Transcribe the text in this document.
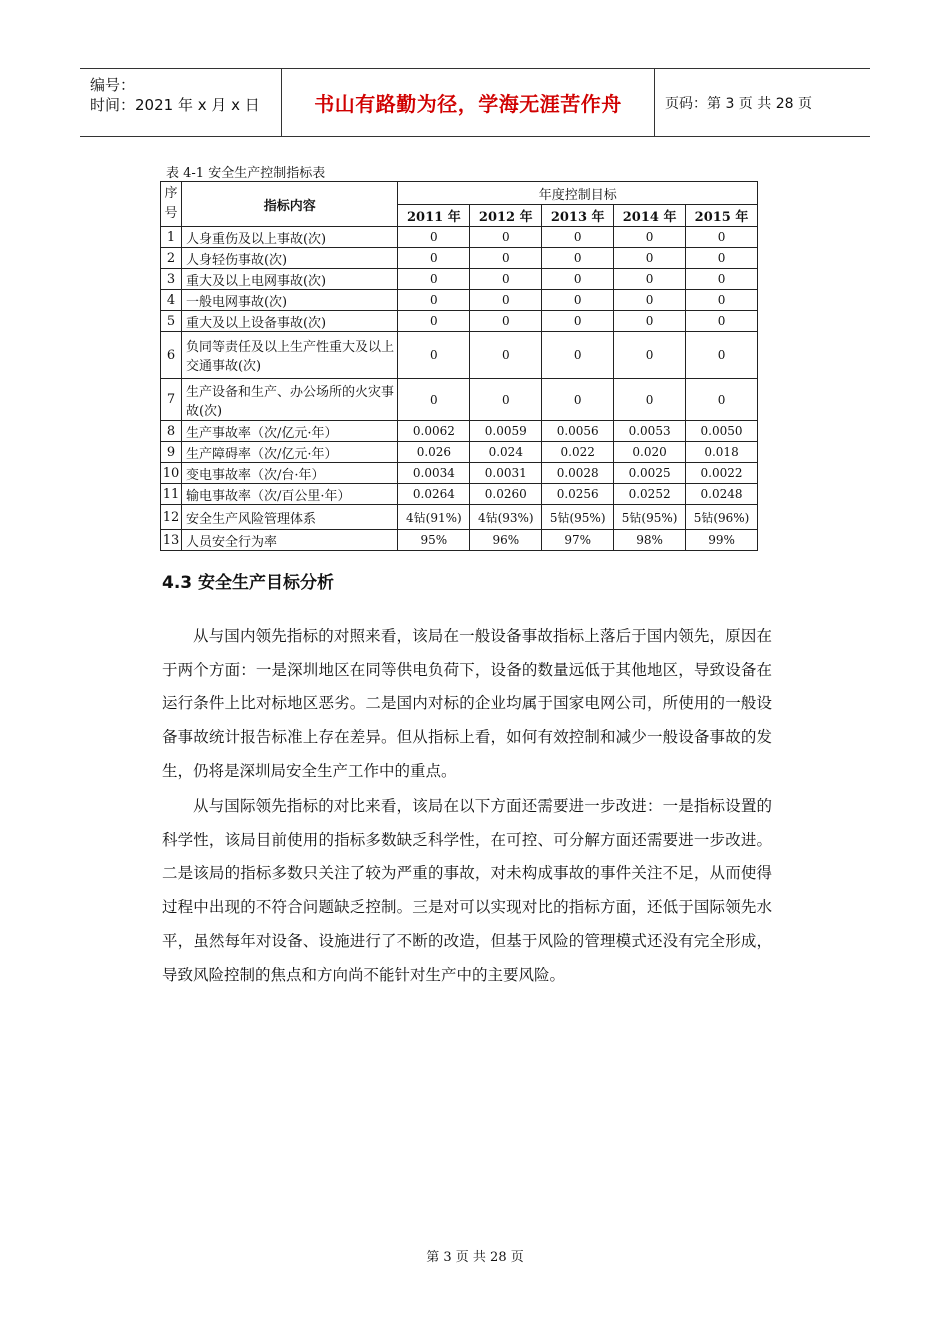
编号：
时间：2021 年 x 月 x 日	书山有路勤为径，学海无涯苦作舟	页码：第 3 页 共 28 页
表 4-1 安全生产控制指标表
序号	指标内容	年度控制目标				
		2011 年	2012 年	2013 年	2014 年	2015 年
1	人身重伤及以上事故(次)	0	0	0	0	0
2	人身轻伤事故(次)	0	0	0	0	0
3	重大及以上电网事故(次)	0	0	0	0	0
4	一般电网事故(次)	0	0	0	0	0
5	重大及以上设备事故(次)	0	0	0	0	0
6	负同等责任及以上生产性重大及以上交通事故(次)	0	0	0	0	0
7	生产设备和生产、办公场所的火灾事故(次)	0	0	0	0	0
8	生产事故率（次/亿元·年）	0.0062	0.0059	0.0056	0.0053	0.0050
9	生产障碍率（次/亿元·年）	0.026	0.024	0.022	0.020	0.018
10	变电事故率（次/台·年）	0.0034	0.0031	0.0028	0.0025	0.0022
11	输电事故率（次/百公里·年）	0.0264	0.0260	0.0256	0.0252	0.0248
12	安全生产风险管理体系	4钻(91%)	4钻(93%)	5钻(95%)	5钻(95%)	5钻(96%)
13	人员安全行为率	95%	96%	97%	98%	99%
4.3 安全生产目标分析

从与国内领先指标的对照来看，该局在一般设备事故指标上落后于国内领先，原因在于两个方面：一是深圳地区在同等供电负荷下，设备的数量远低于其他地区，导致设备在运行条件上比对标地区恶劣。二是国内对标的企业均属于国家电网公司，所使用的一般设备事故统计报告标准上存在差异。但从指标上看，如何有效控制和减少一般设备事故的发生，仍将是深圳局安全生产工作中的重点。

从与国际领先指标的对比来看，该局在以下方面还需要进一步改进：一是指标设置的科学性，该局目前使用的指标多数缺乏科学性，在可控、可分解方面还需要进一步改进。二是该局的指标多数只关注了较为严重的事故，对未构成事故的事件关注不足，从而使得过程中出现的不符合问题缺乏控制。三是对可以实现对比的指标方面，还低于国际领先水平，虽然每年对设备、设施进行了不断的改造，但基于风险的管理模式还没有完全形成，导致风险控制的焦点和方向尚不能针对生产中的主要风险。

第 3 页 共 28 页
